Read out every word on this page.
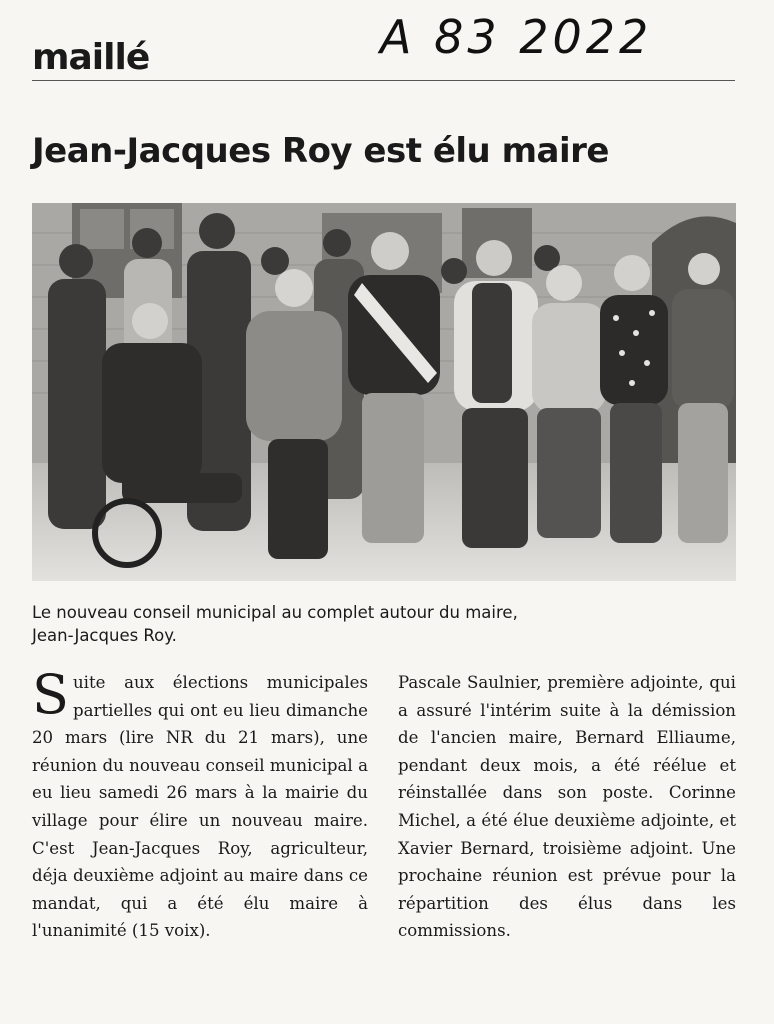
maillé	A 83 2022
Jean-Jacques Roy est élu maire
Le nouveau conseil municipal au complet autour du maire,
Jean-Jacques Roy.
Suite aux élections municipales partielles qui ont eu lieu dimanche 20 mars (lire NR du 21 mars), une réunion du nouveau conseil municipal a eu lieu samedi 26 mars à la mairie du village pour élire un nouveau maire. C'est Jean-Jacques Roy, agriculteur, déja deuxième adjoint au maire dans ce mandat, qui a été élu maire à l'unanimité (15 voix).
Pascale Saulnier, première adjointe, qui a assuré l'intérim suite à la démission de l'ancien maire, Bernard Elliaume, pendant deux mois, a été réélue et réinstallée dans son poste. Corinne Michel, a été élue deuxième adjointe, et Xavier Bernard, troisième adjoint. Une prochaine réunion est prévue pour la répartition des élus dans les commissions.
